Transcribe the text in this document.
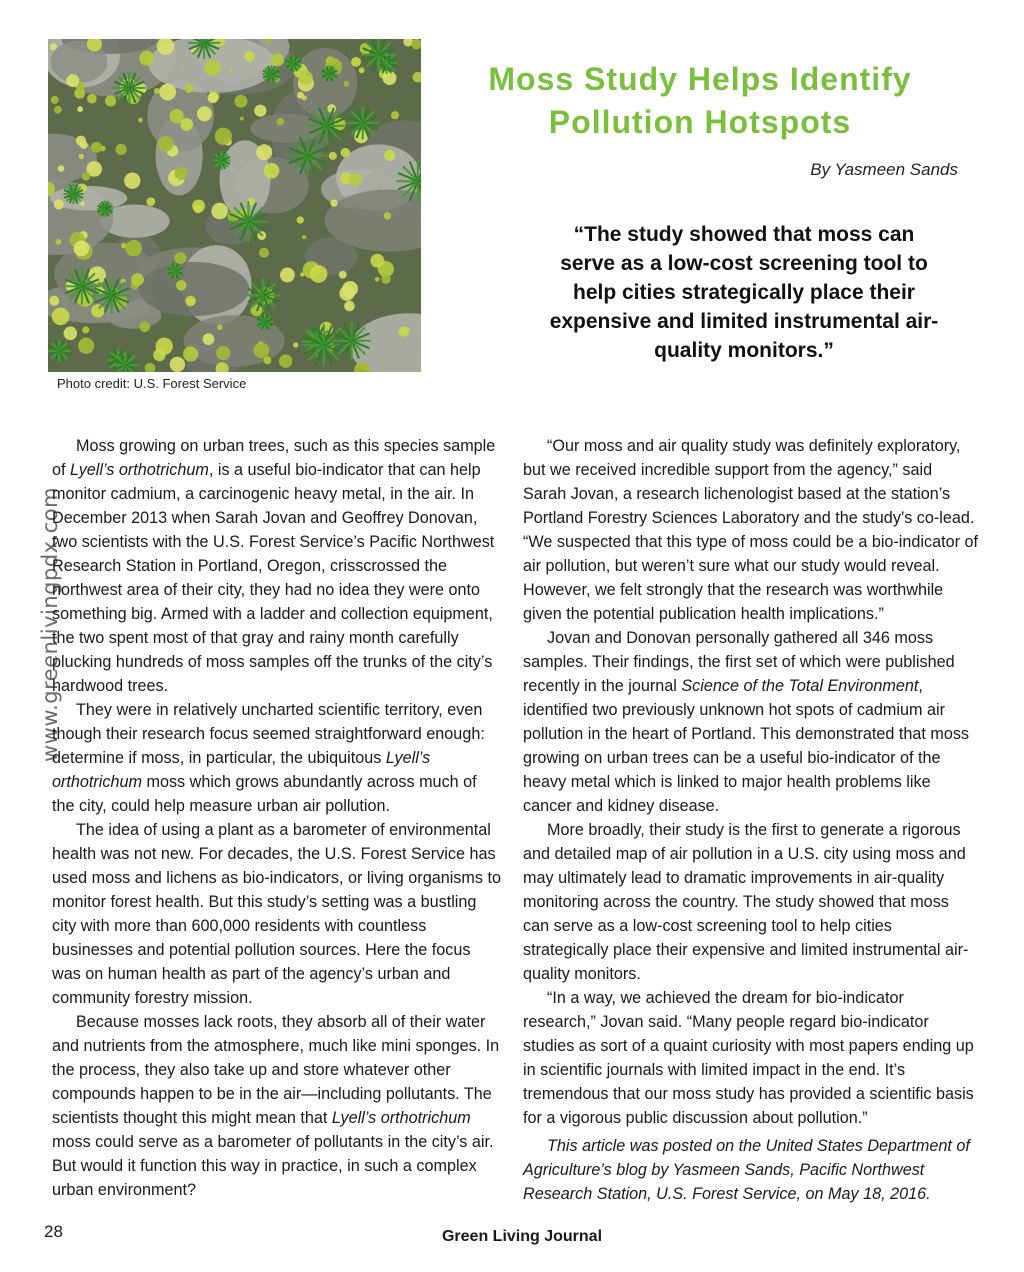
Photo credit: U.S. Forest Service
Moss Study Helps Identify
Pollution Hotspots
By Yasmeen Sands
“The study showed that moss can serve as a low-cost screening tool to help cities strategically place their expensive and limited instrumental air-quality monitors.”
www.greenlivingpdx.com

Moss growing on urban trees, such as this species sample of Lyell’s orthotrichum, is a useful bio-indicator that can help monitor cadmium, a carcinogenic heavy metal, in the air. In December 2013 when Sarah Jovan and Geoffrey Donovan, two scientists with the U.S. Forest Service’s Pacific Northwest Research Station in Portland, Oregon, crisscrossed the northwest area of their city, they had no idea they were onto something big. Armed with a ladder and collection equipment, the two spent most of that gray and rainy month carefully plucking hundreds of moss samples off the trunks of the city’s hardwood trees.

They were in relatively uncharted scientific territory, even though their research focus seemed straightforward enough: determine if moss, in particular, the ubiquitous Lyell’s orthotrichum moss which grows abundantly across much of the city, could help measure urban air pollution.

The idea of using a plant as a barometer of environmental health was not new. For decades, the U.S. Forest Service has used moss and lichens as bio-indicators, or living organisms to monitor forest health. But this study’s setting was a bustling city with more than 600,000 residents with countless businesses and potential pollution sources. Here the focus was on human health as part of the agency’s urban and community forestry mission.

Because mosses lack roots, they absorb all of their water and nutrients from the atmosphere, much like mini sponges. In the process, they also take up and store whatever other compounds happen to be in the air—including pollutants. The scientists thought this might mean that Lyell’s orthotrichum moss could serve as a barometer of pollutants in the city’s air. But would it function this way in practice, in such a complex urban environment?

“Our moss and air quality study was definitely exploratory, but we received incredible support from the agency,” said Sarah Jovan, a research lichenologist based at the station’s Portland Forestry Sciences Laboratory and the study’s co-lead. “We suspected that this type of moss could be a bio-indicator of air pollution, but weren’t sure what our study would reveal. However, we felt strongly that the research was worthwhile given the potential publication health implications.”

Jovan and Donovan personally gathered all 346 moss samples. Their findings, the first set of which were published recently in the journal Science of the Total Environment, identified two previously unknown hot spots of cadmium air pollution in the heart of Portland. This demonstrated that moss growing on urban trees can be a useful bio-indicator of the heavy metal which is linked to major health problems like cancer and kidney disease.

More broadly, their study is the first to generate a rigorous and detailed map of air pollution in a U.S. city using moss and may ultimately lead to dramatic improvements in air-quality monitoring across the country. The study showed that moss can serve as a low-cost screening tool to help cities strategically place their expensive and limited instrumental air-quality monitors.

“In a way, we achieved the dream for bio-indicator research,” Jovan said. “Many people regard bio-indicator studies as sort of a quaint curiosity with most papers ending up in scientific journals with limited impact in the end. It’s tremendous that our moss study has provided a scientific basis for a vigorous public discussion about pollution.”

This article was posted on the United States Department of Agriculture’s blog by Yasmeen Sands, Pacific Northwest Research Station, U.S. Forest Service, on May 18, 2016.

28	Green Living Journal
